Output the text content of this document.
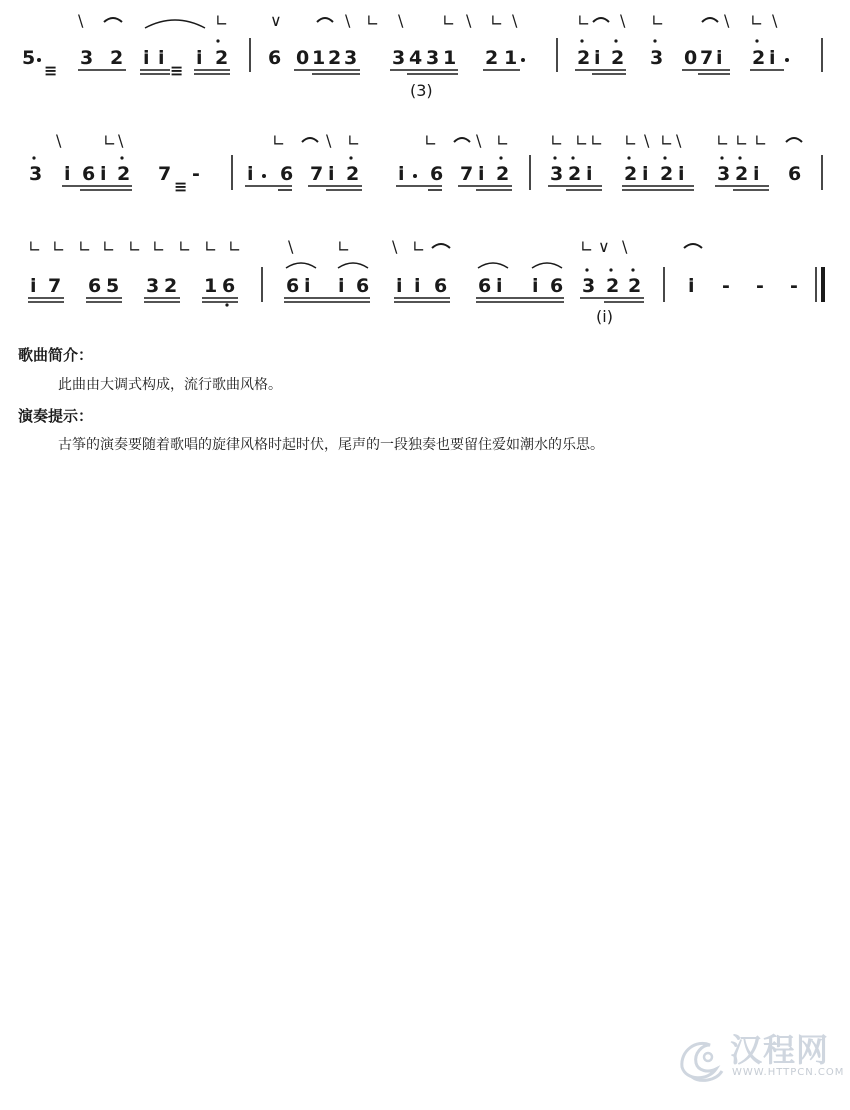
\	∟	∨	\ ∟ \ ∟ \ ∟ \	∟ \ ∟	\ ∟ \
5 3 2 i i i 2
≡	≡
6 0 1 2 3 3 4 3 1 2 1
(3)
2 i 2 3 0 7 i 2 i
\	∟ \	∟	\ ∟	∟ \ ∟	∟ ∟ ∟ ∟ \ ∟ \ ∟ ∟ ∟
3 i 6 i 2 7 -
≡
i 6 7 i 2 i 6 7 i 2 3 2 i 2 i 2 i 3 2 i 6
∟ ∟ ∟ ∟ ∟ ∟ ∟ ∟ ∟	\	∟	\ ∟	∟ ∨ \
i 7 6 5 3 2 1 6	6 i i 6 i i 6 6 i i 6 3 2 2
(i)
i - - -

歌曲简介：

此曲由大调式构成，流行歌曲风格。

演奏提示：

古筝的演奏要随着歌唱的旋律风格时起时伏，尾声的一段独奏也要留住爱如潮水的乐思。

汉程网
WWW.HTTPCN.COM
